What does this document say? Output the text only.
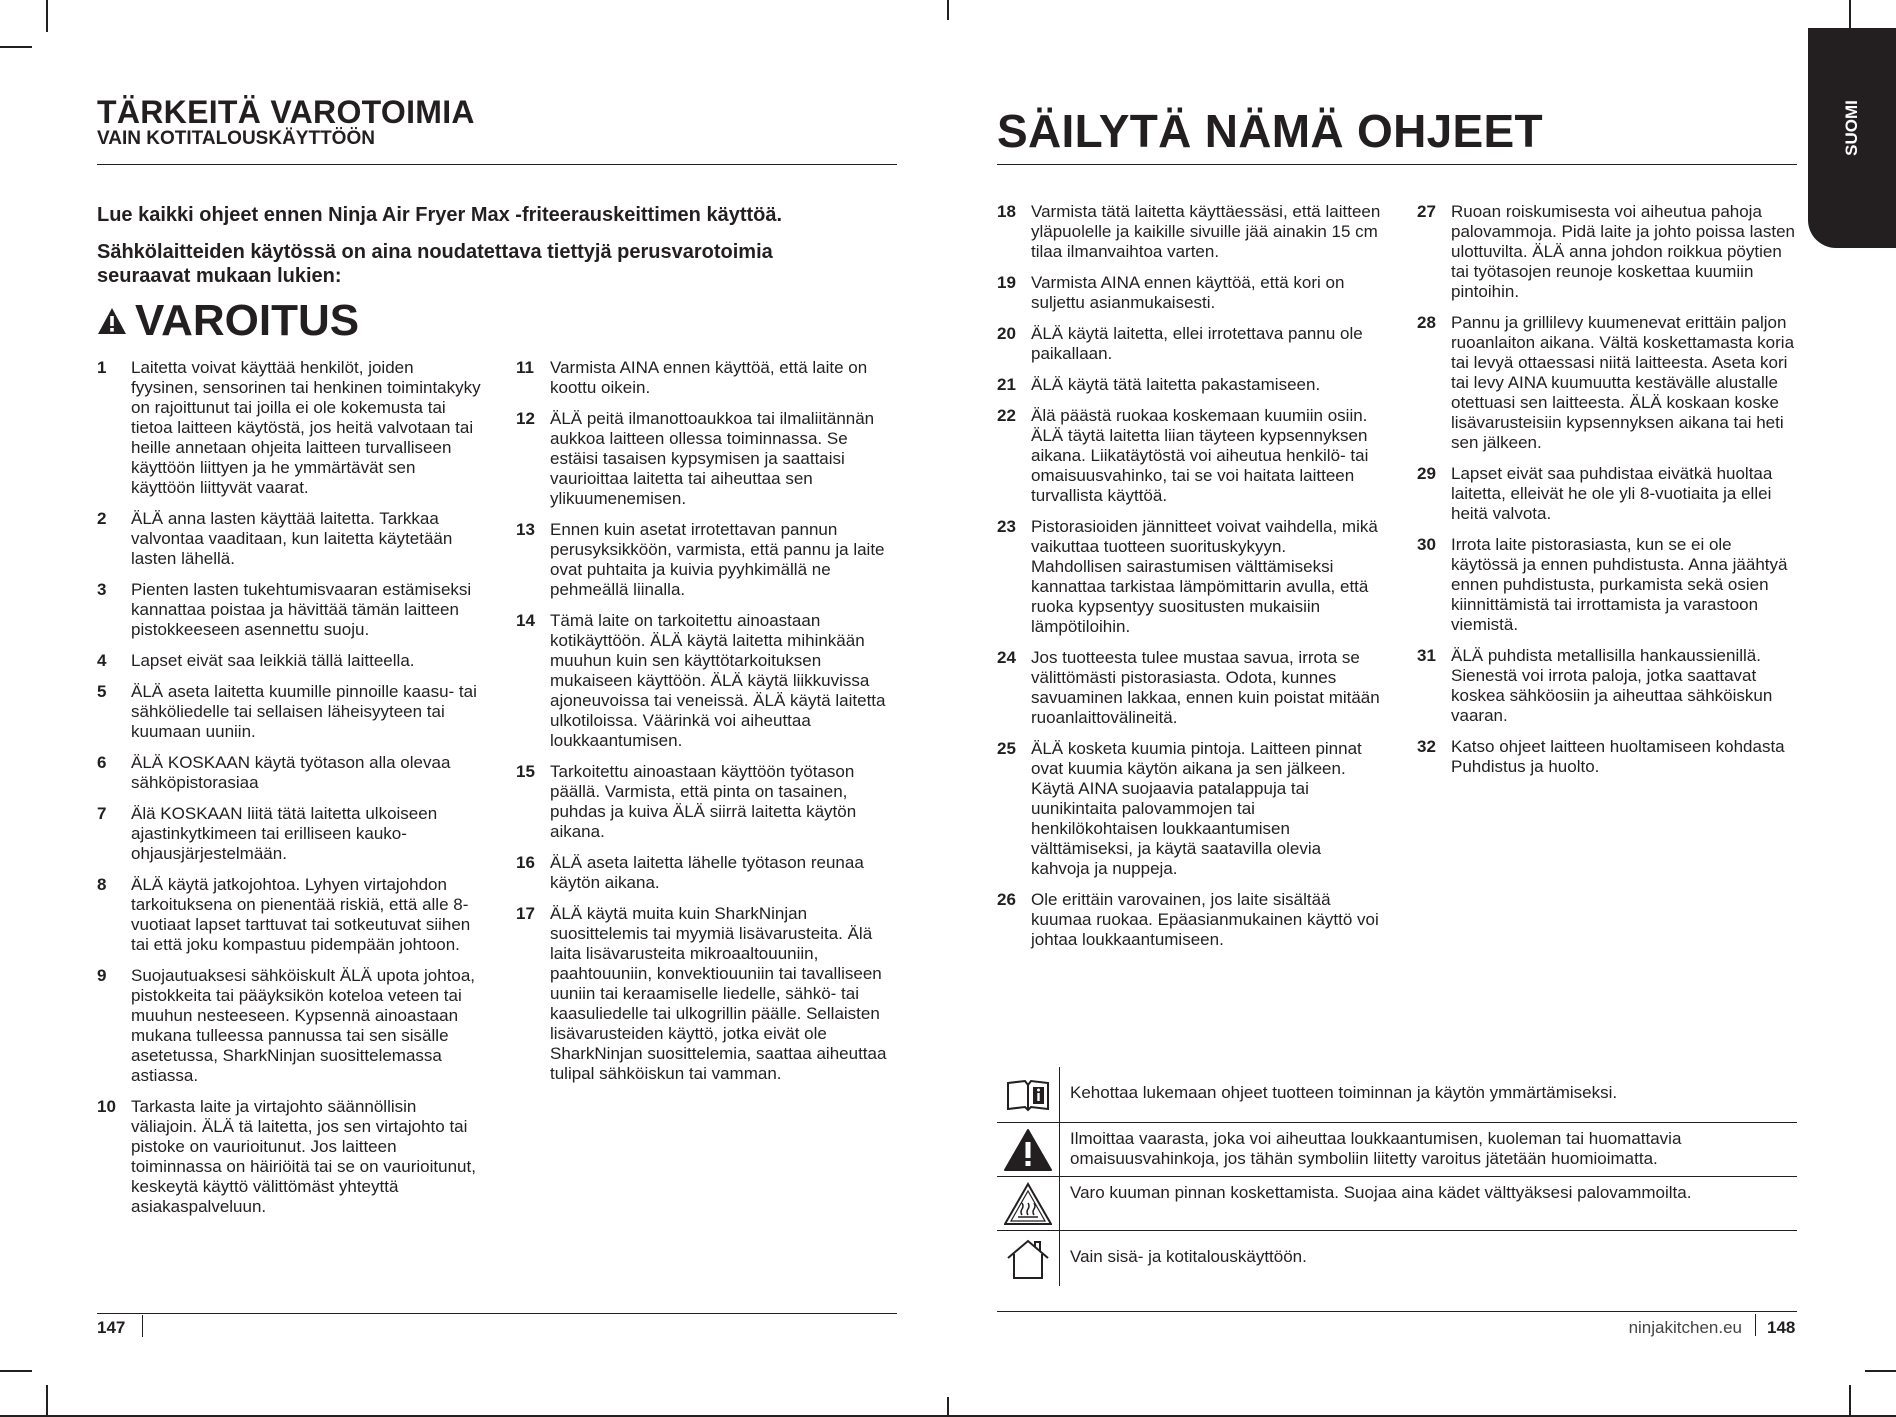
TÄRKEITÄ VAROTOIMIA
VAIN KOTITALOUSKÄYTTÖÖN
Lue kaikki ohjeet ennen Ninja Air Fryer Max -friteerauskeittimen käyttöä.
Sähkölaitteiden käytössä on aina noudatettava tiettyjä perusvarotoimia seuraavat mukaan lukien:
VAROITUS
1	Laitetta voivat käyttää henkilöt, joiden fyysinen, sensorinen tai henkinen toimintakyky on rajoittunut tai joilla ei ole kokemusta tai tietoa laitteen käytöstä, jos heitä valvotaan tai heille annetaan ohjeita laitteen turvalliseen käyttöön liittyen ja he ymmärtävät sen käyttöön liittyvät vaarat.
2	ÄLÄ anna lasten käyttää laitetta. Tarkkaa valvontaa vaaditaan, kun laitetta käytetään lasten lähellä.
3	Pienten lasten tukehtumisvaaran estämiseksi kannattaa poistaa ja hävittää tämän laitteen pistokkeeseen asennettu suoju.
4	Lapset eivät saa leikkiä tällä laitteella.
5	ÄLÄ aseta laitetta kuumille pinnoille kaasu- tai sähköliedelle tai sellaisen läheisyyteen tai kuumaan uuniin.
6	ÄLÄ KOSKAAN käytä työtason alla olevaa sähköpistorasiaa
7	Älä KOSKAAN liitä tätä laitetta ulkoiseen ajastinkytkimeen tai erilliseen kauko-ohjausjärjestelmään.
8	ÄLÄ käytä jatkojohtoa. Lyhyen virtajohdon tarkoituksena on pienentää riskiä, että alle 8-vuotiaat lapset tarttuvat tai sotkeutuvat siihen tai että joku kompastuu pidempään johtoon.
9	Suojautuaksesi sähköiskult ÄLÄ upota johtoa, pistokkeita tai pääyksikön koteloa veteen tai muuhun nesteeseen. Kypsennä ainoastaan mukana tulleessa pannussa tai sen sisälle asetetussa, SharkNinjan suosittelemassa astiassa.
10 Tarkasta laite ja virtajohto säännöllisin väliajoin. ÄLÄ tä laitetta, jos sen virtajohto tai pistoke on vaurioitunut. Jos laitteen toiminnassa on häiriöitä tai se on vaurioitunut, keskeytä käyttö välittömäst yhteyttä asiakaspalveluun.
11 Varmista AINA ennen käyttöä, että laite on koottu oikein.
12 ÄLÄ peitä ilmanottoaukkoa tai ilmaliitännän aukkoa laitteen ollessa toiminnassa. Se estäisi tasaisen kypsymisen ja saattaisi vaurioittaa laitetta tai aiheuttaa sen ylikuumenemisen.
13 Ennen kuin asetat irrotettavan pannun perusyksikköön, varmista, että pannu ja laite ovat puhtaita ja kuivia pyyhkimällä ne pehmeällä liinalla.
14 Tämä laite on tarkoitettu ainoastaan kotikäyttöön. ÄLÄ käytä laitetta mihinkään muuhun kuin sen käyttötarkoituksen mukaiseen käyttöön. ÄLÄ käytä liikkuvissa ajoneuvoissa tai veneissä. ÄLÄ käytä laitetta ulkotiloissa. Väärinkä voi aiheuttaa loukkaantumisen.
15 Tarkoitettu ainoastaan käyttöön työtason päällä. Varmista, että pinta on tasainen, puhdas ja kuiva ÄLÄ siirrä laitetta käytön aikana.
16 ÄLÄ aseta laitetta lähelle työtason reunaa käytön aikana.
17 ÄLÄ käytä muita kuin SharkNinjan suosittelemis tai myymiä lisävarusteita. Älä laita lisävarusteita mikroaaltouuniin, paahtouuniin, konvektiouuniin tai tavalliseen uuniin tai keraamiselle liedelle, sähkö- tai kaasuliedelle tai ulkogrillin päälle. Sellaisten lisävarusteiden käyttö, jotka eivät ole SharkNinjan suosittelemia, saattaa aiheuttaa tulipal sähköiskun tai vamman.
147
SÄILYTÄ NÄMÄ OHJEET	SUOMI
18 Varmista tätä laitetta käyttäessäsi, että laitteen yläpuolelle ja kaikille sivuille jää ainakin 15 cm tilaa ilmanvaihtoa varten.
19 Varmista AINA ennen käyttöä, että kori on suljettu asianmukaisesti.
20 ÄLÄ käytä laitetta, ellei irrotettava pannu ole paikallaan.
21 ÄLÄ käytä tätä laitetta pakastamiseen.
22 Älä päästä ruokaa koskemaan kuumiin osiin. ÄLÄ täytä laitetta liian täyteen kypsennyksen aikana. Liikatäytöstä voi aiheutua henkilö- tai omaisuusvahinko, tai se voi haitata laitteen turvallista käyttöä.
23 Pistorasioiden jännitteet voivat vaihdella, mikä vaikuttaa tuotteen suorituskykyyn. Mahdollisen sairastumisen välttämiseksi kannattaa tarkistaa lämpömittarin avulla, että ruoka kypsentyy suositusten mukaisiin lämpötiloihin.
24 Jos tuotteesta tulee mustaa savua, irrota se välittömästi pistorasiasta. Odota, kunnes savuaminen lakkaa, ennen kuin poistat mitään ruoanlaittovälineitä.
25 ÄLÄ kosketa kuumia pintoja. Laitteen pinnat ovat kuumia käytön aikana ja sen jälkeen. Käytä AINA suojaavia patalappuja tai uunikintaita palovammojen tai henkilökohtaisen loukkaantumisen välttämiseksi, ja käytä saatavilla olevia kahvoja ja nuppeja.
26 Ole erittäin varovainen, jos laite sisältää kuumaa ruokaa. Epäasianmukainen käyttö voi johtaa loukkaantumiseen.
27 Ruoan roiskumisesta voi aiheutua pahoja palovammoja. Pidä laite ja johto poissa lasten ulottuvilta. ÄLÄ anna johdon roikkua pöytien tai työtasojen reunoje koskettaa kuumiin pintoihin.
28 Pannu ja grillilevy kuumenevat erittäin paljon ruoanlaiton aikana. Vältä koskettamasta koria tai levyä ottaessasi niitä laitteesta. Aseta kori tai levy AINA kuumuutta kestävälle alustalle otettuasi sen laitteesta. ÄLÄ koskaan koske lisävarusteisiin kypsennyksen aikana tai heti sen jälkeen.
29 Lapset eivät saa puhdistaa eivätkä huoltaa laitetta, elleivät he ole yli 8-vuotiaita ja ellei heitä valvota.
30 Irrota laite pistorasiasta, kun se ei ole käytössä ja ennen puhdistusta. Anna jäähtyä ennen puhdistusta, purkamista sekä osien kiinnittämistä tai irrottamista ja varastoon viemistä.
31 ÄLÄ puhdista metallisilla hankaussienillä. Sienestä voi irrota paloja, jotka saattavat koskea sähköosiin ja aiheuttaa sähköiskun vaaran.
32 Katso ohjeet laitteen huoltamiseen kohdasta Puhdistus ja huolto.
Kehottaa lukemaan ohjeet tuotteen toiminnan ja käytön ymmärtämiseksi.
Ilmoittaa vaarasta, joka voi aiheuttaa loukkaantumisen, kuoleman tai huomattavia omaisuusvahinkoja, jos tähän symboliin liitetty varoitus jätetään huomioimatta.
Varo kuuman pinnan koskettamista. Suojaa aina kädet välttyäksesi palovammoilta.
Vain sisä- ja kotitalouskäyttöön.
ninjakitchen.eu 148
